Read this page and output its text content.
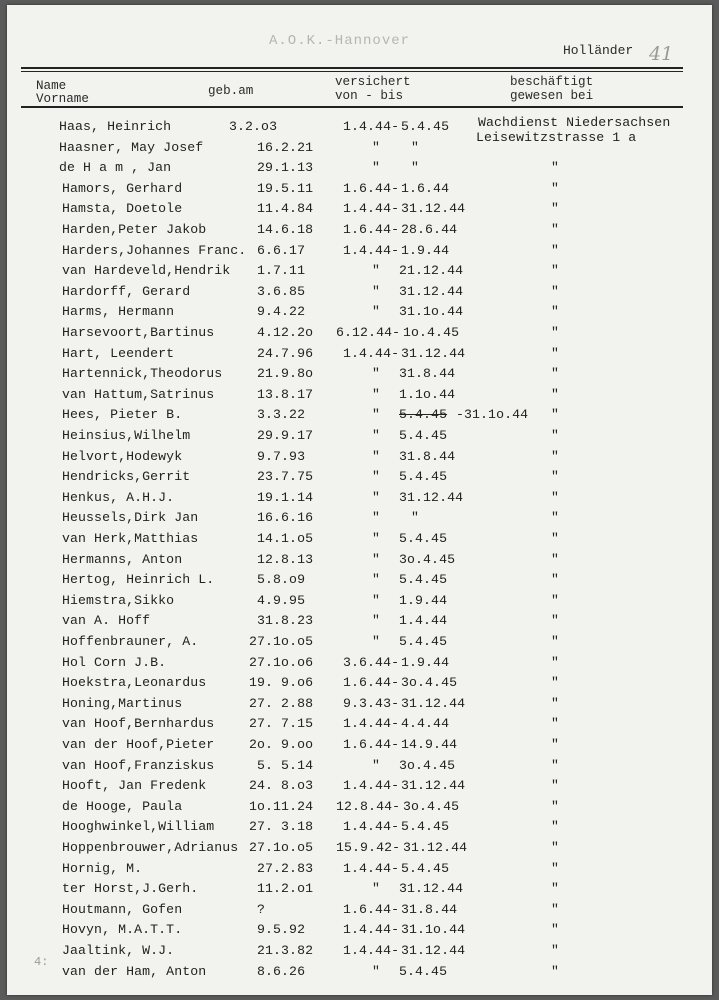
A.O.K.-Hannover
Holländer 41
Name
Vorname
geb.am
versichert
von - bis
beschäftigt
gewesen bei
Wachdienst Niedersachsen
Leisewitzstrasse 1 a
Haas, Heinrich	3.2.o3	1.4.44- 5.4.45
Haasner, May Josef	16.2.21	" "
de H a m , Jan	29.1.13	" "	"
Hamors, Gerhard	19.5.11 1.6.44- 1.6.44	"
Hamsta, Doetole	11.4.84 1.4.44- 31.12.44	"
Harden,Peter Jakob	14.6.18 1.6.44- 28.6.44	"
Harders,Johannes Franc. 6.6.17	1.4.44- 1.9.44	"
van Hardeveld,Hendrik 1.7.11	" 21.12.44	"
Hardorff, Gerard	3.6.85	" 31.12.44	"
Harms, Hermann	9.4.22	" 31.1o.44	"
Harsevoort,Bartinus	4.12.2o 6.12.44- 1o.4.45	"
Hart, Leendert	24.7.96 1.4.44- 31.12.44	"
Hartennick,Theodorus	21.9.8o	" 31.8.44	"
van Hattum,Satrinus	13.8.17	" 1.1o.44	"
Hees, Pieter B.	3.3.22	" 5.4.45 -31.1o.44 "
Heinsius,Wilhelm	29.9.17	" 5.4.45	"
Helvort,Hodewyk	9.7.93	" 31.8.44	"
Hendricks,Gerrit	23.7.75	" 5.4.45	"
Henkus, A.H.J.	19.1.14	" 31.12.44	"
Heussels,Dirk Jan	16.6.16	" "	"
van Herk,Matthias	14.1.o5	" 5.4.45	"
Hermanns, Anton	12.8.13	" 3o.4.45	"
Hertog, Heinrich L.	5.8.o9	" 5.4.45	"
Hiemstra,Sikko	4.9.95	" 1.9.44	"
van A. Hoff	31.8.23	" 1.4.44	"
Hoffenbrauner, A.	27.1o.o5	" 5.4.45	"
Hol Corn J.B.	27.1o.o6 3.6.44- 1.9.44	"
Hoekstra,Leonardus	19. 9.o6 1.6.44- 3o.4.45	"
Honing,Martinus	27. 2.88 9.3.43- 31.12.44	"
van Hoof,Bernhardus	27. 7.15 1.4.44- 4.4.44	"
van der Hoof,Pieter	2o. 9.oo 1.6.44- 14.9.44	"
van Hoof,Franziskus	5. 5.14	" 3o.4.45	"
Hooft, Jan Fredenk	24. 8.o3 1.4.44- 31.12.44	"
de Hooge, Paula	1o.11.24 12.8.44- 3o.4.45	"
Hooghwinkel,William	27. 3.18 1.4.44- 5.4.45	"
Hoppenbrouwer,Adrianus 27.1o.o5 15.9.42- 31.12.44	"
Hornig, M.	27.2.83 1.4.44- 5.4.45	"
ter Horst,J.Gerh.	11.2.o1	" 31.12.44	"
Houtmann, Gofen	?	1.6.44- 31.8.44	"
Hovyn, M.A.T.T.	9.5.92	1.4.44- 31.1o.44	"
Jaaltink, W.J.	21.3.82 1.4.44- 31.12.44	"
van der Ham, Anton	8.6.26	" 5.4.45	"
4:
